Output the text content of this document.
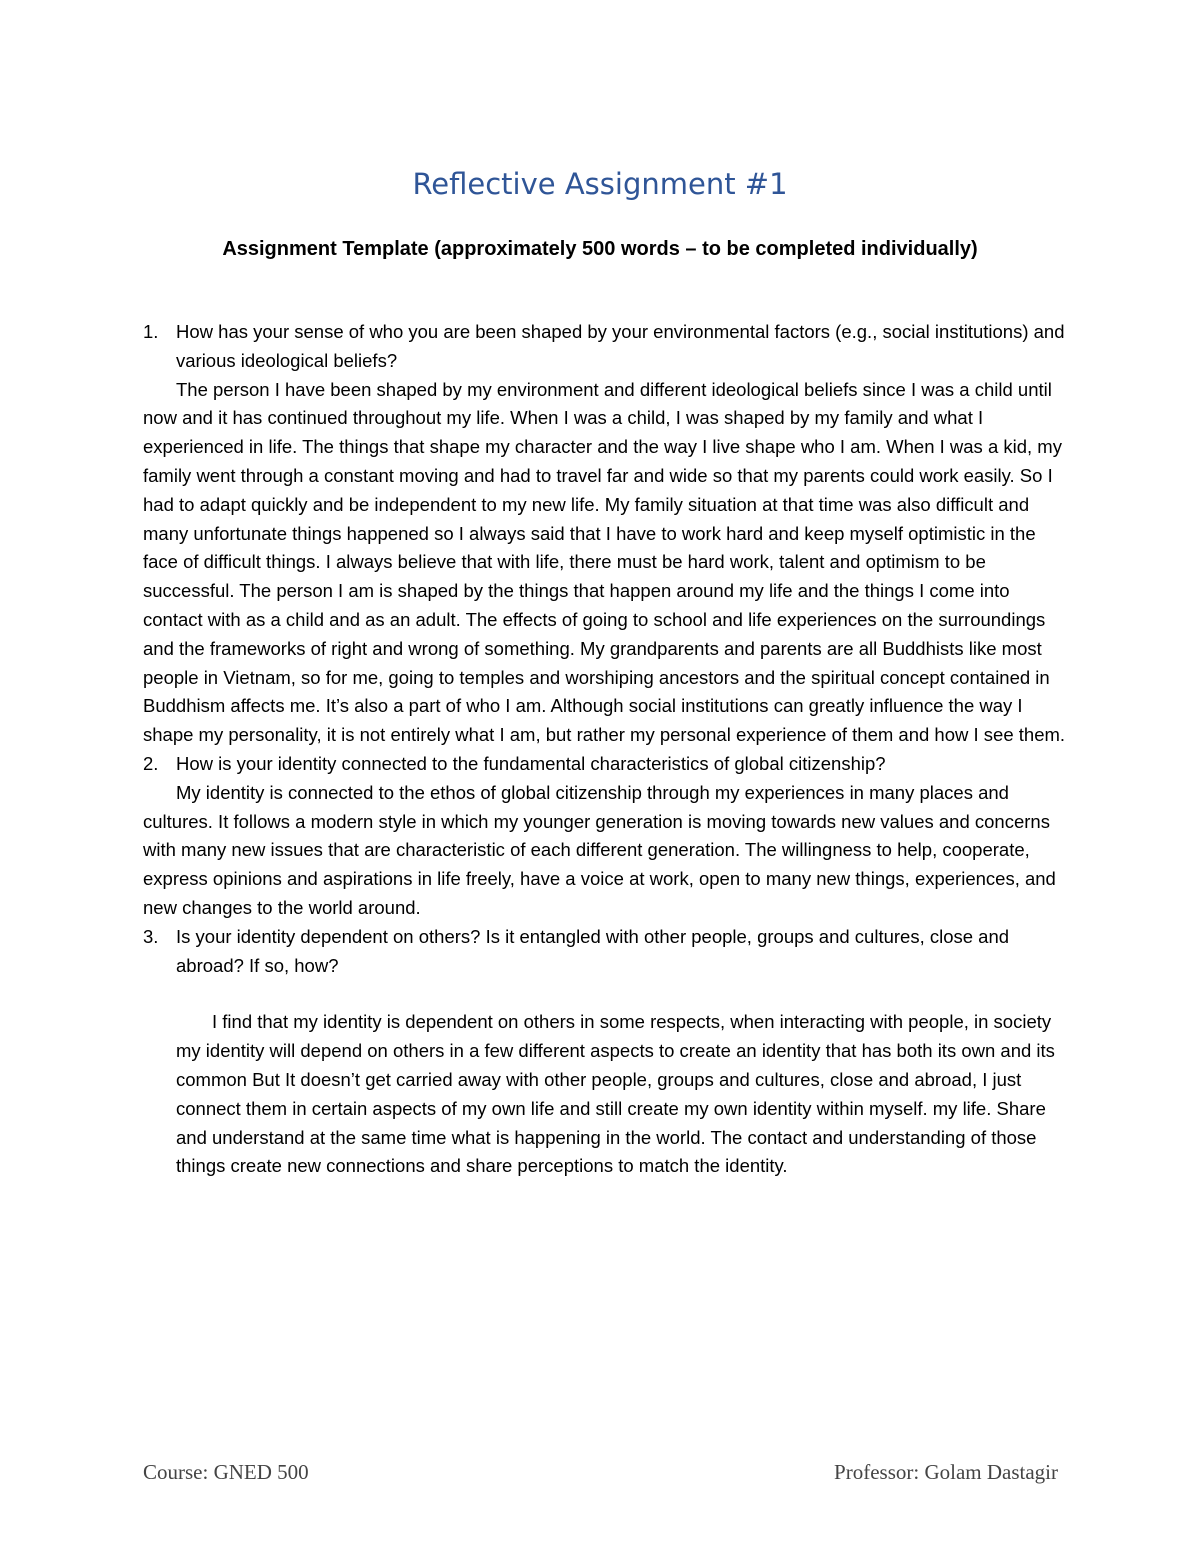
Reflective Assignment #1
Assignment Template (approximately 500 words – to be completed individually)
1. How has your sense of who you are been shaped by your environmental factors (e.g., social institutions) and various ideological beliefs?

The person I have been shaped by my environment and different ideological beliefs since I was a child until now and it has continued throughout my life. When I was a child, I was shaped by my family and what I experienced in life. The things that shape my character and the way I live shape who I am. When I was a kid, my family went through a constant moving and had to travel far and wide so that my parents could work easily. So I had to adapt quickly and be independent to my new life. My family situation at that time was also difficult and many unfortunate things happened so I always said that I have to work hard and keep myself optimistic in the face of difficult things. I always believe that with life, there must be hard work, talent and optimism to be successful. The person I am is shaped by the things that happen around my life and the things I come into contact with as a child and as an adult. The effects of going to school and life experiences on the surroundings and the frameworks of right and wrong of something. My grandparents and parents are all Buddhists like most people in Vietnam, so for me, going to temples and worshiping ancestors and the spiritual concept contained in Buddhism affects me. It’s also a part of who I am. Although social institutions can greatly influence the way I shape my personality, it is not entirely what I am, but rather my personal experience of them and how I see them.

2. How is your identity connected to the fundamental characteristics of global citizenship?

My identity is connected to the ethos of global citizenship through my experiences in many places and cultures. It follows a modern style in which my younger generation is moving towards new values and concerns with many new issues that are characteristic of each different generation. The willingness to help, cooperate, express opinions and aspirations in life freely, have a voice at work, open to many new things, experiences, and new changes to the world around.

3. Is your identity dependent on others? Is it entangled with other people, groups and cultures, close and abroad? If so, how?

I find that my identity is dependent on others in some respects, when interacting with people, in society my identity will depend on others in a few different aspects to create an identity that has both its own and its common But It doesn’t get carried away with other people, groups and cultures, close and abroad, I just connect them in certain aspects of my own life and still create my own identity within myself. my life. Share and understand at the same time what is happening in the world. The contact and understanding of those things create new connections and share perceptions to match the identity.

Course: GNED 500	Professor: Golam Dastagir
